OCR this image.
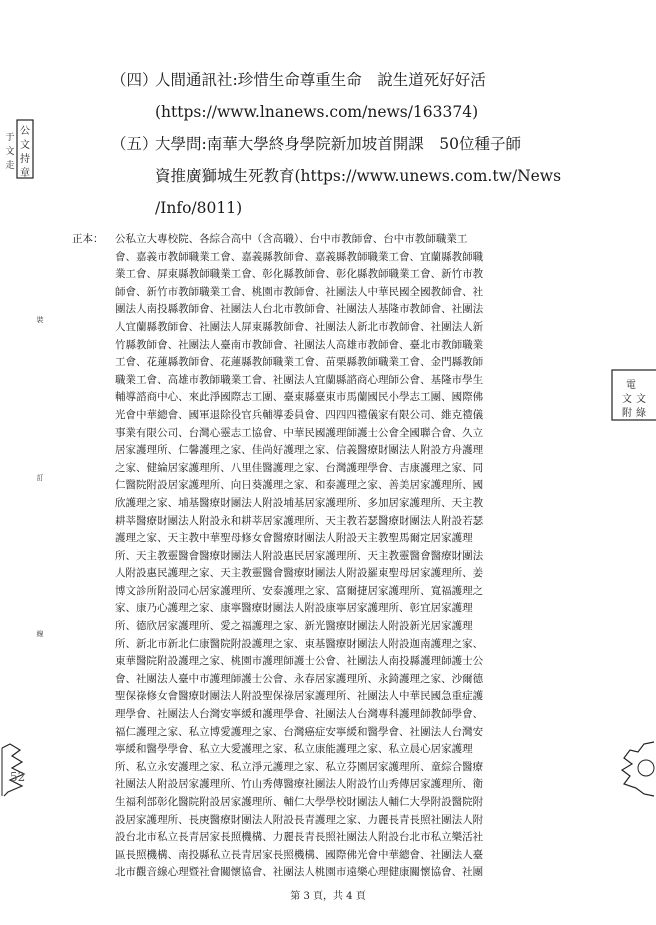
（四）人間通訊社:珍惜生命尊重生命　說生道死好好活
(https://www.lnanews.com/news/163374)
（五）大學問:南華大學終身學院新加坡首開課　50位種子師
資推廣獅城生死教育(https://www.unews.com.tw/News
/Info/8011)
正本： 公私立大專校院、各綜合高中（含高職）、台中市教師會、台中市教師職業工
會、嘉義市教師職業工會、嘉義縣教師會、嘉義縣教師職業工會、宜蘭縣教師職
業工會、屏東縣教師職業工會、彰化縣教師會、彰化縣教師職業工會、新竹市教
師會、新竹市教師職業工會、桃園市教師會、社團法人中華民國全國教師會、社
團法人南投縣教師會、社團法人台北市教師會、社團法人基隆市教師會、社團法
人宜蘭縣教師會、社團法人屏東縣教師會、社團法人新北市教師會、社團法人新
竹縣教師會、社團法人臺南市教師會、社團法人高雄市教師會、臺北市教師職業
工會、花蓮縣教師會、花蓮縣教師職業工會、苗栗縣教師職業工會、金門縣教師
職業工會、高雄市教師職業工會、社團法人宜蘭縣諮商心理師公會、基隆市學生
輔導諮商中心、來此淨國際志工團、臺東縣臺東市馬蘭國民小學志工團、國際佛
光會中華總會、國軍退除役官兵輔導委員會、四四四禮儀家有限公司、維克禮儀
事業有限公司、台灣心靈志工協會、中華民國護理師護士公會全國聯合會、久立
居家護理所、仁馨護理之家、佳尚好護理之家、信義醫療財團法人附設方舟護理
之家、健綸居家護理所、八里佳醫護理之家、台灣護理學會、吉康護理之家、同
仁醫院附設居家護理所、向日葵護理之家、和泰護理之家、善美居家護理所、國
欣護理之家、埔基醫療財團法人附設埔基居家護理所、多加居家護理所、天主教
耕莘醫療財團法人附設永和耕莘居家護理所、天主教若瑟醫療財團法人附設若瑟
護理之家、天主教中華聖母修女會醫療財團法人附設天主教聖馬爾定居家護理
所、天主教靈醫會醫療財團法人附設惠民居家護理所、天主教靈醫會醫療財團法
人附設惠民護理之家、天主教靈醫會醫療財團法人附設羅東聖母居家護理所、姜
博文診所附設同心居家護理所、安泰護理之家、富爾捷居家護理所、寬福護理之
家、康乃心護理之家、康寧醫療財團法人附設康寧居家護理所、彰宜居家護理
所、德欣居家護理所、愛之福護理之家、新光醫療財團法人附設新光居家護理
所、新北市新北仁康醫院附設護理之家、東基醫療財團法人附設迦南護理之家、
東華醫院附設護理之家、桃園市護理師護士公會、社團法人南投縣護理師護士公
會、社團法人臺中市護理師護士公會、永春居家護理所、永錡護理之家、沙爾德
聖保祿修女會醫療財團法人附設聖保祿居家護理所、社團法人中華民國急重症護
理學會、社團法人台灣安寧緩和護理學會、社團法人台灣專科護理師教師學會、
福仁護理之家、私立博愛護理之家、台灣癌症安寧緩和醫學會、社團法人台灣安
寧緩和醫學學會、私立大愛護理之家、私立康能護理之家、私立晨心居家護理
所、私立永安護理之家、私立淨元護理之家、私立芬園居家護理所、童綜合醫療
社團法人附設居家護理所、竹山秀傳醫療社團法人附設竹山秀傳居家護理所、衛
生福利部彰化醫院附設居家護理所、輔仁大學學校財團法人輔仁大學附設醫院附
設居家護理所、長庚醫療財團法人附設長青護理之家、力麗長青長照社團法人附
設台北市私立長青居家長照機構、力麗長青長照社團法人附設台北市私立樂活社
區長照機構、南投縣私立長青居家長照機構、國際佛光會中華總會、社團法人臺
北市觀音線心理暨社會關懷協會、社團法人桃園市遠樂心理健康關懷協會、社團
裝
訂
線
公
文
持
章
于
文
走
電
文 文
附 綠
52
第 3 頁，共 4 頁
